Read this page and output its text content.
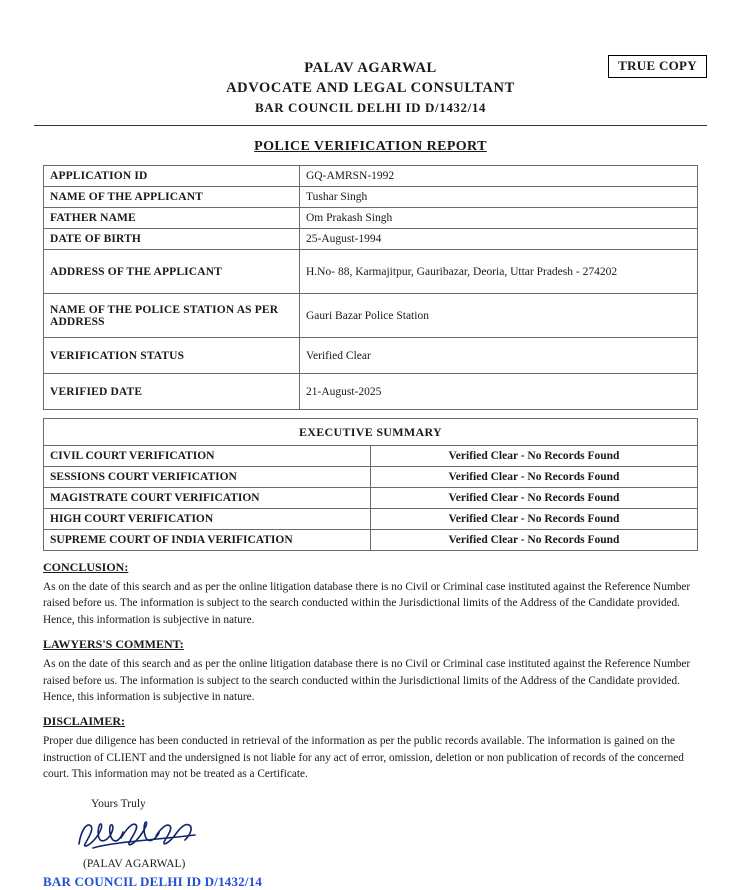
TRUE COPY
PALAV AGARWAL
ADVOCATE AND LEGAL CONSULTANT
BAR COUNCIL DELHI ID D/1432/14
POLICE VERIFICATION REPORT
APPLICATION ID	GQ-AMRSN-1992
NAME OF THE APPLICANT	Tushar Singh
FATHER NAME	Om Prakash Singh
DATE OF BIRTH	25-August-1994
ADDRESS OF THE APPLICANT	H.No- 88, Karmajitpur, Gauribazar, Deoria, Uttar Pradesh - 274202
NAME OF THE POLICE STATION AS PER ADDRESS	Gauri Bazar Police Station
VERIFICATION STATUS	Verified Clear
VERIFIED DATE	21-August-2025
EXECUTIVE SUMMARY	
CIVIL COURT VERIFICATION	Verified Clear - No Records Found
SESSIONS COURT VERIFICATION	Verified Clear - No Records Found
MAGISTRATE COURT VERIFICATION	Verified Clear - No Records Found
HIGH COURT VERIFICATION	Verified Clear - No Records Found
SUPREME COURT OF INDIA VERIFICATION	Verified Clear - No Records Found
CONCLUSION:
As on the date of this search and as per the online litigation database there is no Civil or Criminal case instituted against the Reference Number raised before us. The information is subject to the search conducted within the Jurisdictional limits of the Address of the Candidate provided. Hence, this information is subjective in nature.
LAWYERS'S COMMENT:
As on the date of this search and as per the online litigation database there is no Civil or Criminal case instituted against the Reference Number raised before us. The information is subject to the search conducted within the Jurisdictional limits of the Address of the Candidate provided. Hence, this information is subjective in nature.
DISCLAIMER:
Proper due diligence has been conducted in retrieval of the information as per the public records available. The information is gained on the instruction of CLIENT and the undersigned is not liable for any act of error, omission, deletion or non publication of records of the concerned court. This information may not be treated as a Certificate.
Yours Truly
(PALAV AGARWAL)
BAR COUNCIL DELHI ID D/1432/14
